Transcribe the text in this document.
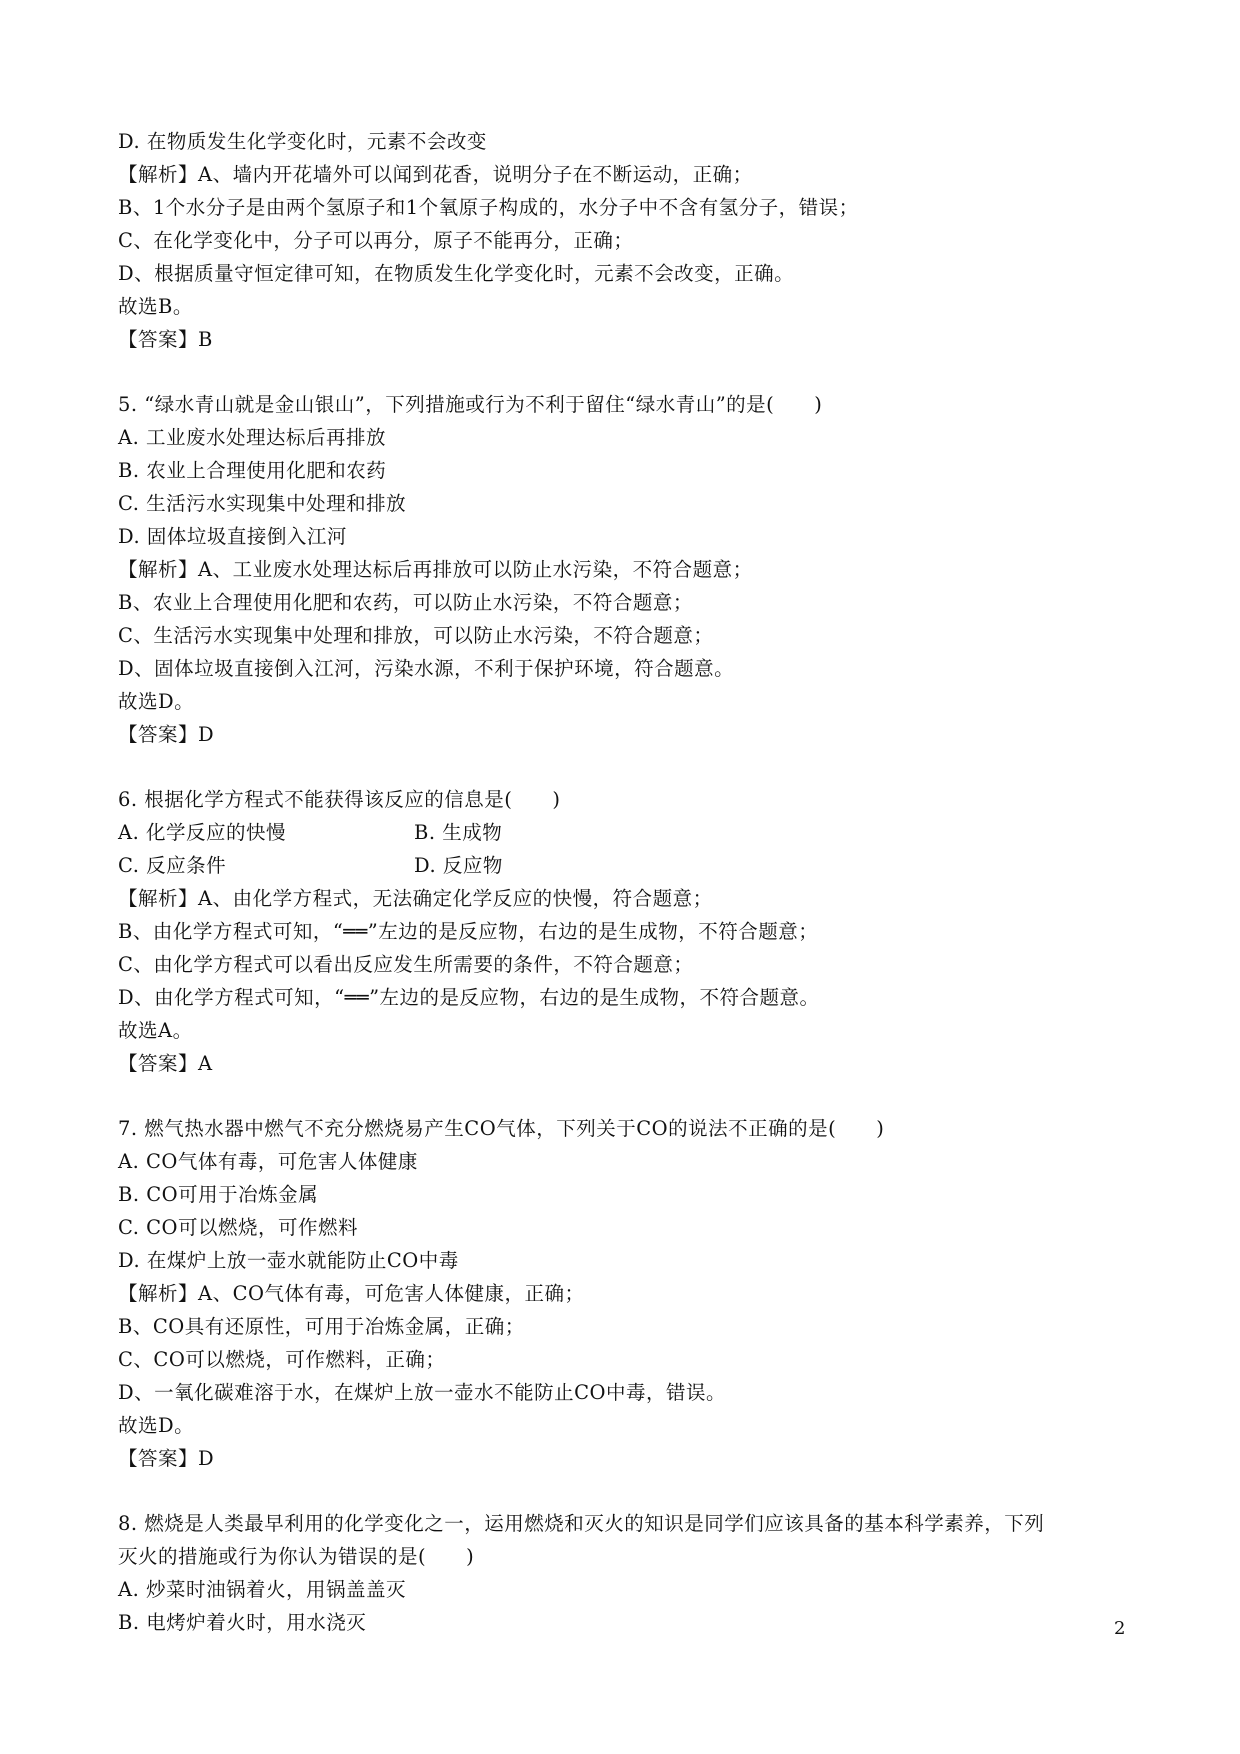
D. 在物质发生化学变化时，元素不会改变
【解析】A、墙内开花墙外可以闻到花香，说明分子在不断运动，正确；
B、1个水分子是由两个氢原子和1个氧原子构成的，水分子中不含有氢分子，错误；
C、在化学变化中，分子可以再分，原子不能再分，正确；
D、根据质量守恒定律可知，在物质发生化学变化时，元素不会改变，正确。
故选B。
【答案】B
5. “绿水青山就是金山银山”，下列措施或行为不利于留住“绿水青山”的是(　　)
A. 工业废水处理达标后再排放
B. 农业上合理使用化肥和农药
C. 生活污水实现集中处理和排放
D. 固体垃圾直接倒入江河
【解析】A、工业废水处理达标后再排放可以防止水污染，不符合题意；
B、农业上合理使用化肥和农药，可以防止水污染，不符合题意；
C、生活污水实现集中处理和排放，可以防止水污染，不符合题意；
D、固体垃圾直接倒入江河，污染水源，不利于保护环境，符合题意。
故选D。
【答案】D
6. 根据化学方程式不能获得该反应的信息是(　　)
A. 化学反应的快慢	B. 生成物
C. 反应条件	D. 反应物
【解析】A、由化学方程式，无法确定化学反应的快慢，符合题意；
B、由化学方程式可知，“══”左边的是反应物，右边的是生成物，不符合题意；
C、由化学方程式可以看出反应发生所需要的条件，不符合题意；
D、由化学方程式可知，“══”左边的是反应物，右边的是生成物，不符合题意。
故选A。
【答案】A
7. 燃气热水器中燃气不充分燃烧易产生CO气体，下列关于CO的说法不正确的是(　　)
A. CO气体有毒，可危害人体健康
B. CO可用于冶炼金属
C. CO可以燃烧，可作燃料
D. 在煤炉上放一壶水就能防止CO中毒
【解析】A、CO气体有毒，可危害人体健康，正确；
B、CO具有还原性，可用于冶炼金属，正确；
C、CO可以燃烧，可作燃料，正确；
D、一氧化碳难溶于水，在煤炉上放一壶水不能防止CO中毒，错误。
故选D。
【答案】D
8. 燃烧是人类最早利用的化学变化之一，运用燃烧和灭火的知识是同学们应该具备的基本科学素养，下列
灭火的措施或行为你认为错误的是(　　)
A. 炒菜时油锅着火，用锅盖盖灭
B. 电烤炉着火时，用水浇灭	2
